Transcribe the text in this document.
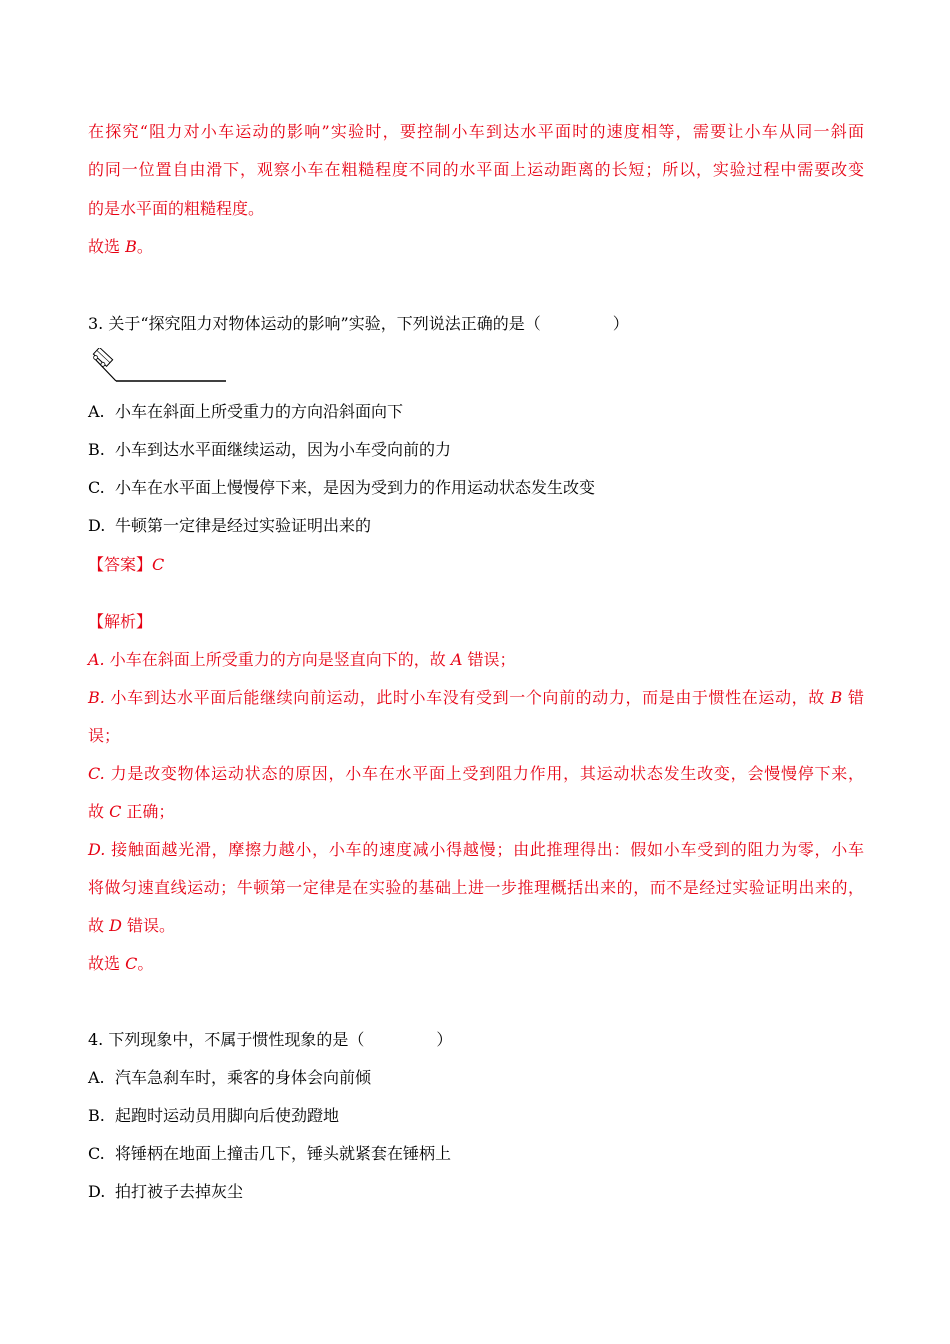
在探究“阻力对小车运动的影响”实验时，要控制小车到达水平面时的速度相等，需要让小车从同一斜面

的同一位置自由滑下，观察小车在粗糙程度不同的水平面上运动距离的长短；所以，实验过程中需要改变

的是水平面的粗糙程度。

故选 B。

3. 关于“探究阻力对物体运动的影响”实验，下列说法正确的是（	）

A. 小车在斜面上所受重力的方向沿斜面向下

B. 小车到达水平面继续运动，因为小车受向前的力

C. 小车在水平面上慢慢停下来，是因为受到力的作用运动状态发生改变

D. 牛顿第一定律是经过实验证明出来的

【答案】C

【解析】

A. 小车在斜面上所受重力的方向是竖直向下的，故 A 错误；

B. 小车到达水平面后能继续向前运动，此时小车没有受到一个向前的动力，而是由于惯性在运动，故 B 错

误；

C. 力是改变物体运动状态的原因，小车在水平面上受到阻力作用，其运动状态发生改变，会慢慢停下来，

故 C 正确；

D. 接触面越光滑，摩擦力越小，小车的速度减小得越慢；由此推理得出：假如小车受到的阻力为零，小车

将做匀速直线运动；牛顿第一定律是在实验的基础上进一步推理概括出来的，而不是经过实验证明出来的，

故 D 错误。

故选 C。

4. 下列现象中，不属于惯性现象的是（	）

A. 汽车急刹车时，乘客的身体会向前倾

B. 起跑时运动员用脚向后使劲蹬地

C. 将锤柄在地面上撞击几下，锤头就紧套在锤柄上

D. 拍打被子去掉灰尘
